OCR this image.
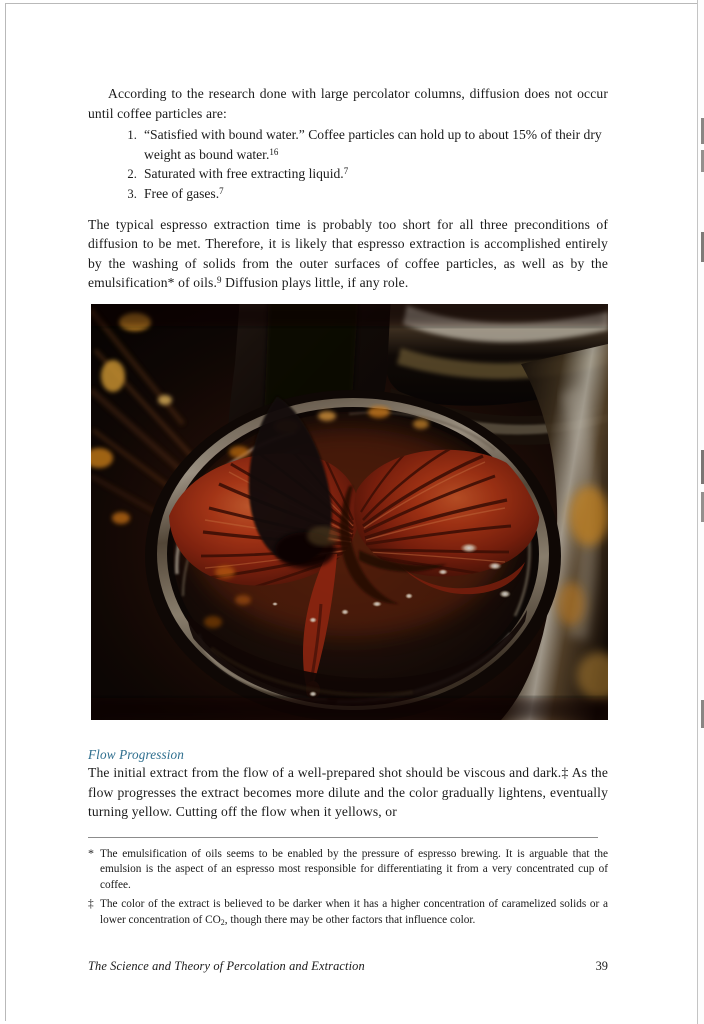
According to the research done with large percolator columns, diffusion does not occur until coffee particles are:

1. “Satisfied with bound water.” Coffee particles can hold up to about 15% of their dry weight as bound water.$^{16}$
2. Saturated with free extracting liquid.$^7$
3. Free of gases.$^7$

The typical espresso extraction time is probably too short for all three preconditions of diffusion to be met. Therefore, it is likely that espresso extraction is accomplished entirely by the washing of solids from the outer surfaces of coffee particles, as well as by the emulsification* of oils.$^9$ Diffusion plays little, if any role.

Flow Progression

The initial extract from the flow of a well-prepared shot should be viscous and dark.‡ As the flow progresses the extract becomes more dilute and the color gradually lightens, eventually turning yellow. Cutting off the flow when it yellows, or

* The emulsification of oils seems to be enabled by the pressure of espresso brewing. It is arguable that the emulsion is the aspect of an espresso most responsible for differentiating it from a very concentrated cup of coffee.
‡ The color of the extract is believed to be darker when it has a higher concentration of caramelized solids or a lower concentration of $CO_2$, though there may be other factors that influence color.
The Science and Theory of Percolation and Extraction	39
